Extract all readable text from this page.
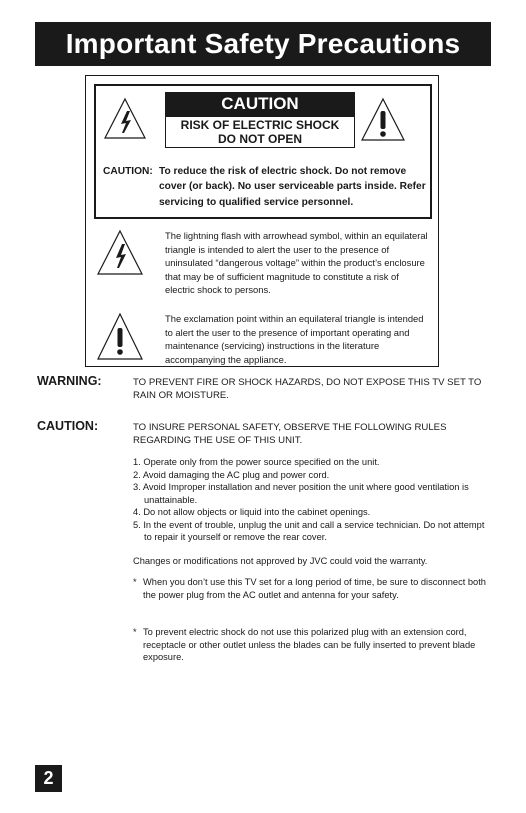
Important Safety Precautions
CAUTION
RISK OF ELECTRIC SHOCK
DO NOT OPEN
CAUTION: To reduce the risk of electric shock. Do not remove cover (or back). No user serviceable parts inside. Refer servicing to qualified service personnel.
The lightning flash with arrowhead symbol, within an equilateral triangle is intended to alert the user to the presence of uninsulated “dangerous voltage” within the product’s enclosure that may be of sufficient magnitude to constitute a risk of electric shock to persons.
The exclamation point within an equilateral triangle is intended to alert the user to the presence of important operating and maintenance (servicing) instructions in the literature accompanying the appliance.
WARNING:	TO PREVENT FIRE OR SHOCK HAZARDS, DO NOT EXPOSE THIS TV SET TO RAIN OR MOISTURE.
CAUTION:	TO INSURE PERSONAL SAFETY, OBSERVE THE FOLLOWING RULES REGARDING THE USE OF THIS UNIT.

1. Operate only from the power source specified on the unit.

2. Avoid damaging the AC plug and power cord.

3. Avoid Improper installation and never position the unit where good ventilation is unattainable.

4. Do not allow objects or liquid into the cabinet openings.

5. In the event of trouble, unplug the unit and call a service technician. Do not attempt to repair it yourself or remove the rear cover.

Changes or modifications not approved by JVC could void the warranty.
* When you don’t use this TV set for a long period of time, be sure to disconnect both the power plug from the AC outlet and antenna for your safety.
* To prevent electric shock do not use this polarized plug with an extension cord, receptacle or other outlet unless the blades can be fully inserted to prevent blade exposure.
2
